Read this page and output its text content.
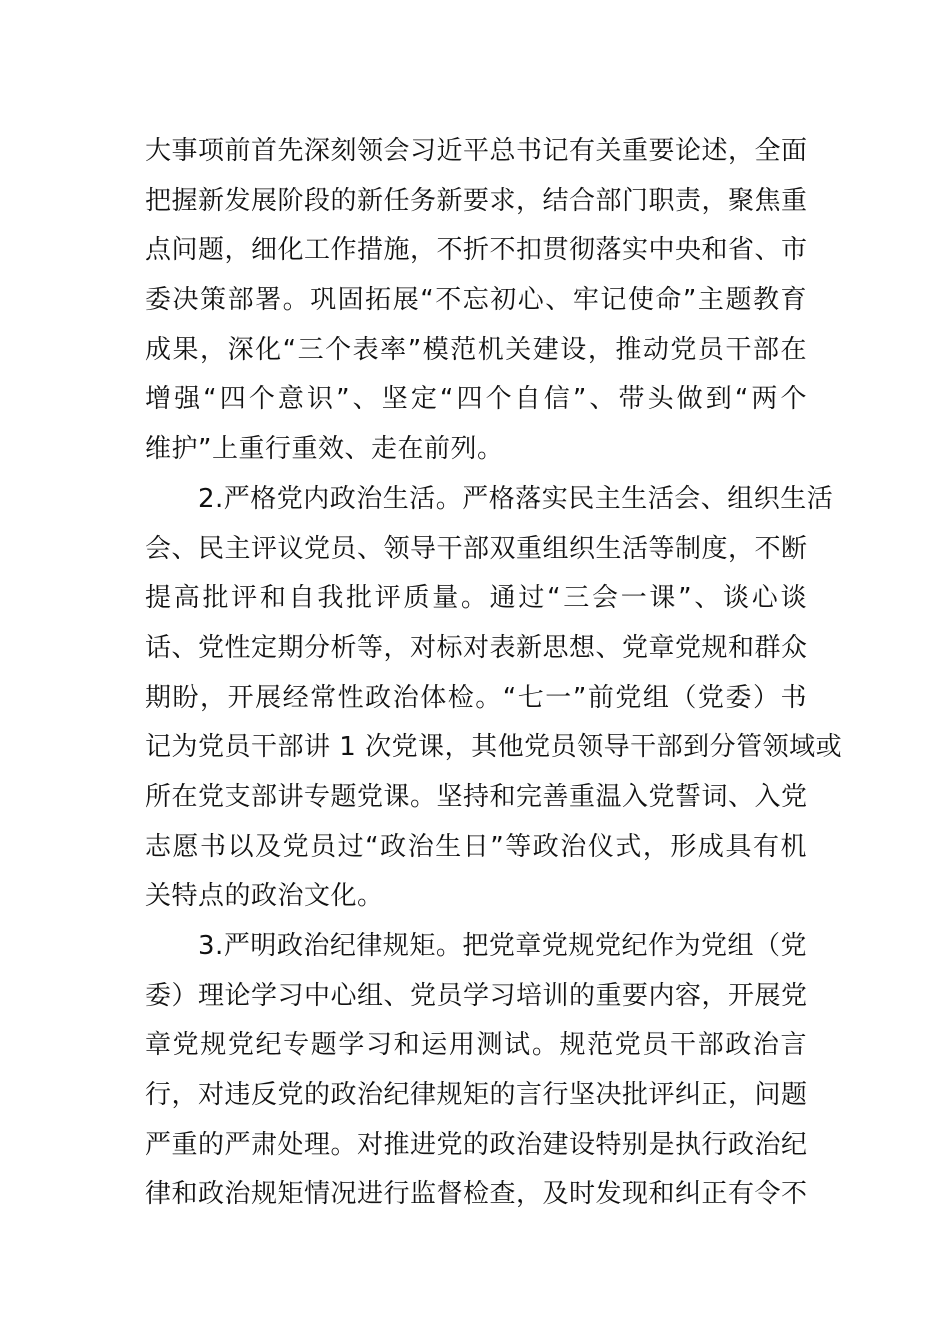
大事项前首先深刻领会习近平总书记有关重要论述，全面
把握新发展阶段的新任务新要求，结合部门职责，聚焦重
点问题，细化工作措施，不折不扣贯彻落实中央和省、市
委决策部署。巩固拓展“不忘初心、牢记使命”主题教育
成果，深化“三个表率”模范机关建设，推动党员干部在
增强“四个意识”、坚定“四个自信”、带头做到“两个
维护”上重行重效、走在前列。
　　2.严格党内政治生活。严格落实民主生活会、组织生活
会、民主评议党员、领导干部双重组织生活等制度，不断
提高批评和自我批评质量。通过“三会一课”、谈心谈
话、党性定期分析等，对标对表新思想、党章党规和群众
期盼，开展经常性政治体检。“七一”前党组（党委）书
记为党员干部讲 1 次党课，其他党员领导干部到分管领域或
所在党支部讲专题党课。坚持和完善重温入党誓词、入党
志愿书以及党员过“政治生日”等政治仪式，形成具有机
关特点的政治文化。
　　3.严明政治纪律规矩。把党章党规党纪作为党组（党
委）理论学习中心组、党员学习培训的重要内容，开展党
章党规党纪专题学习和运用测试。规范党员干部政治言
行，对违反党的政治纪律规矩的言行坚决批评纠正，问题
严重的严肃处理。对推进党的政治建设特别是执行政治纪
律和政治规矩情况进行监督检查，及时发现和纠正有令不
